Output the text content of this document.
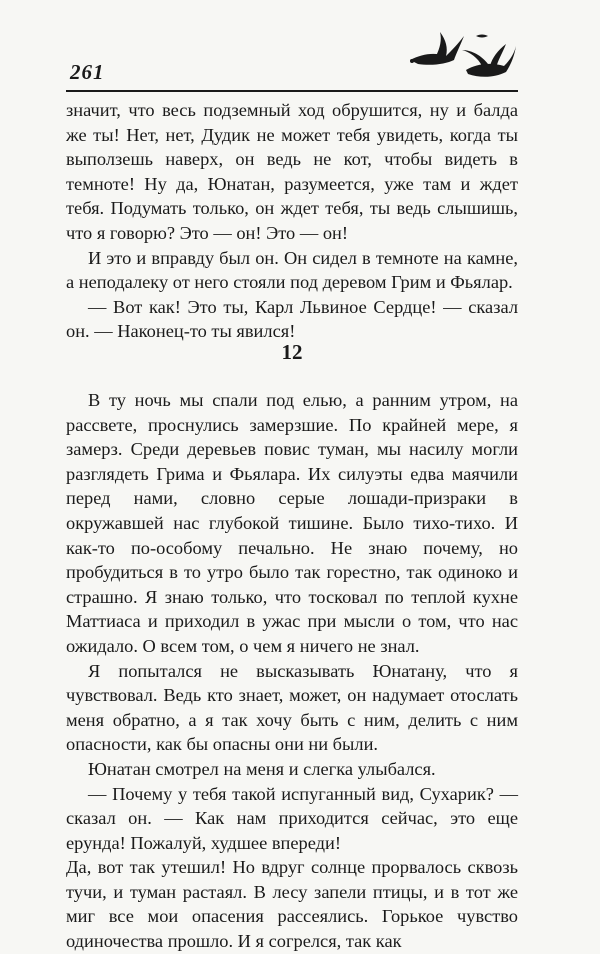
261

значит, что весь подземный ход обрушится, ну и балда же ты! Нет, нет, Дудик не может тебя увидеть, когда ты выползешь наверх, он ведь не кот, чтобы видеть в темноте! Ну да, Юнатан, разумеется, уже там и ждет тебя. Подумать только, он ждет тебя, ты ведь слышишь, что я говорю? Это — он! Это — он!

И это и вправду был он. Он сидел в темноте на камне, а неподалеку от него стояли под деревом Грим и Фьялар.

— Вот как! Это ты, Карл Львиное Сердце! — сказал он. — Наконец-то ты явился!

12

В ту ночь мы спали под елью, а ранним утром, на рассвете, проснулись замерзшие. По крайней мере, я замерз. Среди деревьев повис туман, мы насилу могли разглядеть Грима и Фьялара. Их силуэты едва маячили перед нами, словно серые лошади-призраки в окружавшей нас глубокой тишине. Было тихо-тихо. И как-то по-особому печально. Не знаю почему, но пробудиться в то утро было так горестно, так одиноко и страшно. Я знаю только, что тосковал по теплой кухне Маттиаса и приходил в ужас при мысли о том, что нас ожидало. О всем том, о чем я ничего не знал.

Я попытался не высказывать Юнатану, что я чувствовал. Ведь кто знает, может, он надумает отослать меня обратно, а я так хочу быть с ним, делить с ним опасности, как бы опасны они ни были.

Юнатан смотрел на меня и слегка улыбался.

— Почему у тебя такой испуганный вид, Сухарик? — сказал он. — Как нам приходится сейчас, это еще ерунда! Пожалуй, худшее впереди!

Да, вот так утешил! Но вдруг солнце прорвалось сквозь тучи, и туман растаял. В лесу запели птицы, и в тот же миг все мои опасения рассеялись. Горькое чувство одиночества прошло. И я согрелся, так как
